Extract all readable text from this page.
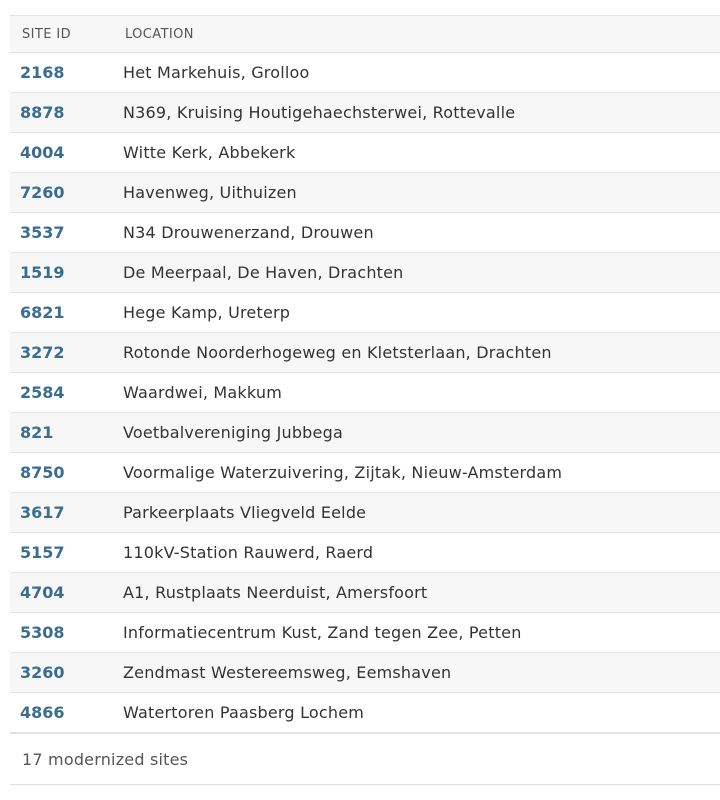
SITE ID	LOCATION
2168	Het Markehuis, Grolloo
8878	N369, Kruising Houtigehaechsterwei, Rottevalle
4004	Witte Kerk, Abbekerk
7260	Havenweg, Uithuizen
3537	N34 Drouwenerzand, Drouwen
1519	De Meerpaal, De Haven, Drachten
6821	Hege Kamp, Ureterp
3272	Rotonde Noorderhogeweg en Kletsterlaan, Drachten
2584	Waardwei, Makkum
821	Voetbalvereniging Jubbega
8750	Voormalige Waterzuivering, Zijtak, Nieuw-Amsterdam
3617	Parkeerplaats Vliegveld Eelde
5157	110kV-Station Rauwerd, Raerd
4704	A1, Rustplaats Neerduist, Amersfoort
5308	Informatiecentrum Kust, Zand tegen Zee, Petten
3260	Zendmast Westereemsweg, Eemshaven
4866	Watertoren Paasberg Lochem
17 modernized sites
